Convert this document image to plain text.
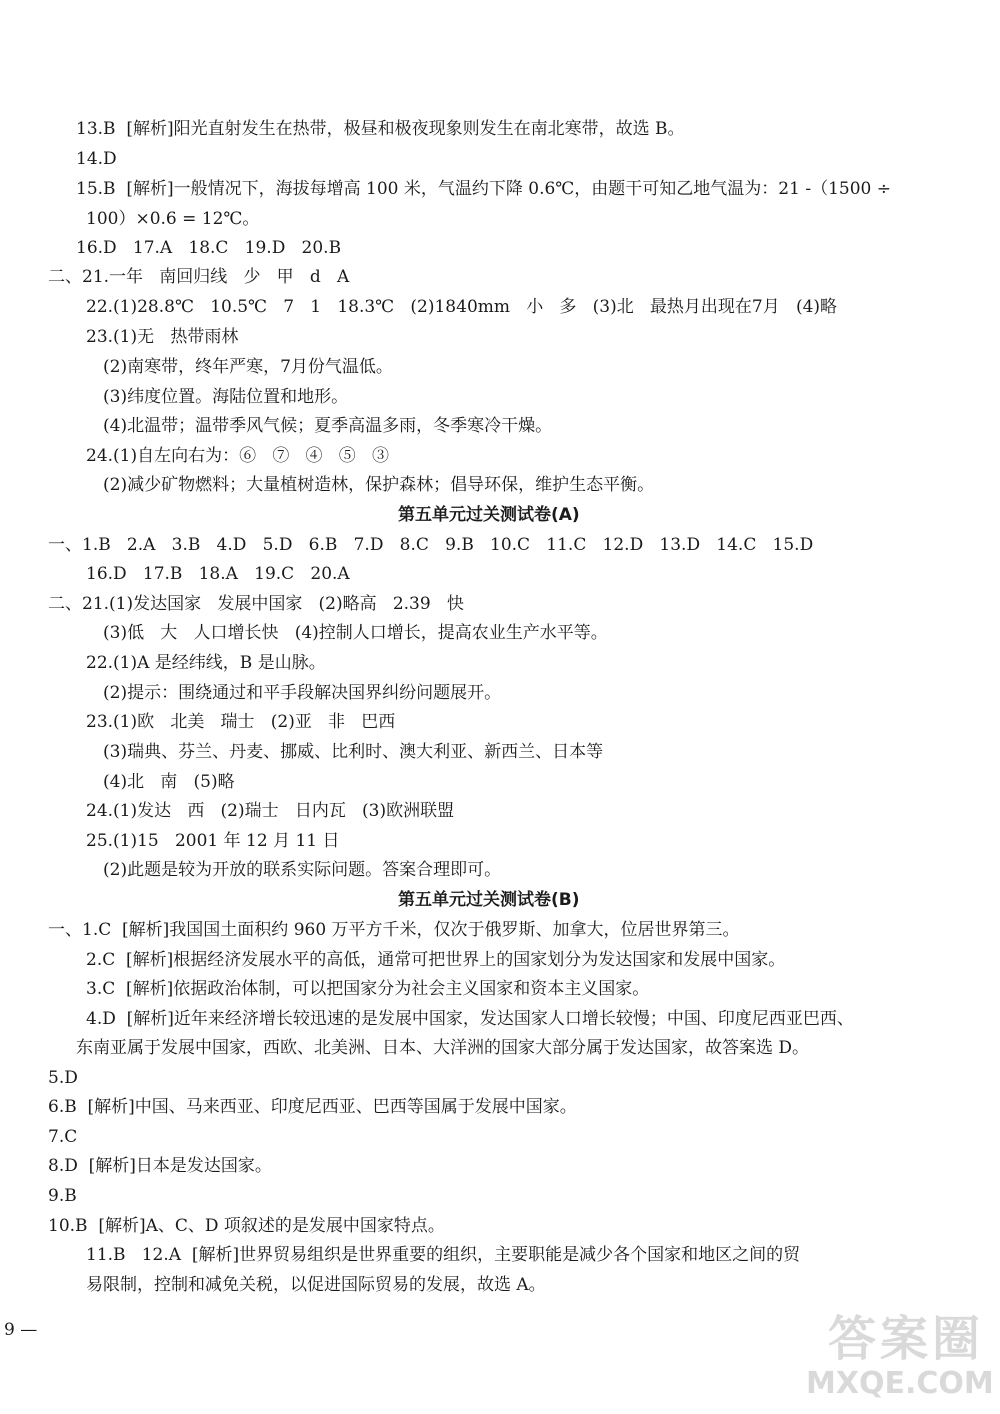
13.B  [解析]阳光直射发生在热带，极昼和极夜现象则发生在南北寒带，故选 B。
14.D
15.B  [解析]一般情况下，海拔每增高 100 米，气温约下降 0.6℃，由题干可知乙地气温为：21 -（1500 ÷
100）×0.6 = 12℃。
16.D   17.A   18.C   19.D   20.B
二、21.一年   南回归线   少   甲   d   A
22.(1)28.8℃   10.5℃   7   1   18.3℃   (2)1840mm   小   多   (3)北   最热月出现在7月   (4)略
23.(1)无   热带雨林
(2)南寒带，终年严寒，7月份气温低。
(3)纬度位置。海陆位置和地形。
(4)北温带；温带季风气候；夏季高温多雨，冬季寒冷干燥。
24.(1)自左向右为：⑥   ⑦   ④   ⑤   ③
(2)减少矿物燃料；大量植树造林，保护森林；倡导环保，维护生态平衡。
第五单元过关测试卷(A)
一、1.B   2.A   3.B   4.D   5.D   6.B   7.D   8.C   9.B   10.C   11.C   12.D   13.D   14.C   15.D
16.D   17.B   18.A   19.C   20.A
二、21.(1)发达国家   发展中国家   (2)略高   2.39   快
(3)低   大   人口增长快   (4)控制人口增长，提高农业生产水平等。
22.(1)A 是经纬线，B 是山脉。
(2)提示：围绕通过和平手段解决国界纠纷问题展开。
23.(1)欧   北美   瑞士   (2)亚   非   巴西
(3)瑞典、芬兰、丹麦、挪威、比利时、澳大利亚、新西兰、日本等
(4)北   南   (5)略
24.(1)发达   西   (2)瑞士   日内瓦   (3)欧洲联盟
25.(1)15   2001 年 12 月 11 日
(2)此题是较为开放的联系实际问题。答案合理即可。
第五单元过关测试卷(B)
一、1.C  [解析]我国国土面积约 960 万平方千米，仅次于俄罗斯、加拿大，位居世界第三。
2.C  [解析]根据经济发展水平的高低，通常可把世界上的国家划分为发达国家和发展中国家。
3.C  [解析]依据政治体制，可以把国家分为社会主义国家和资本主义国家。
4.D  [解析]近年来经济增长较迅速的是发展中国家，发达国家人口增长较慢；中国、印度尼西亚巴西、
东南亚属于发展中国家，西欧、北美洲、日本、大洋洲的国家大部分属于发达国家，故答案选 D。
5.D
6.B  [解析]中国、马来西亚、印度尼西亚、巴西等国属于发展中国家。
7.C
8.D  [解析]日本是发达国家。
9.B
10.B  [解析]A、C、D 项叙述的是发展中国家特点。
11.B   12.A  [解析]世界贸易组织是世界重要的组织，主要职能是减少各个国家和地区之间的贸
易限制，控制和减免关税，以促进国际贸易的发展，故选 A。
9 —	答案圈
MXQE.COM
